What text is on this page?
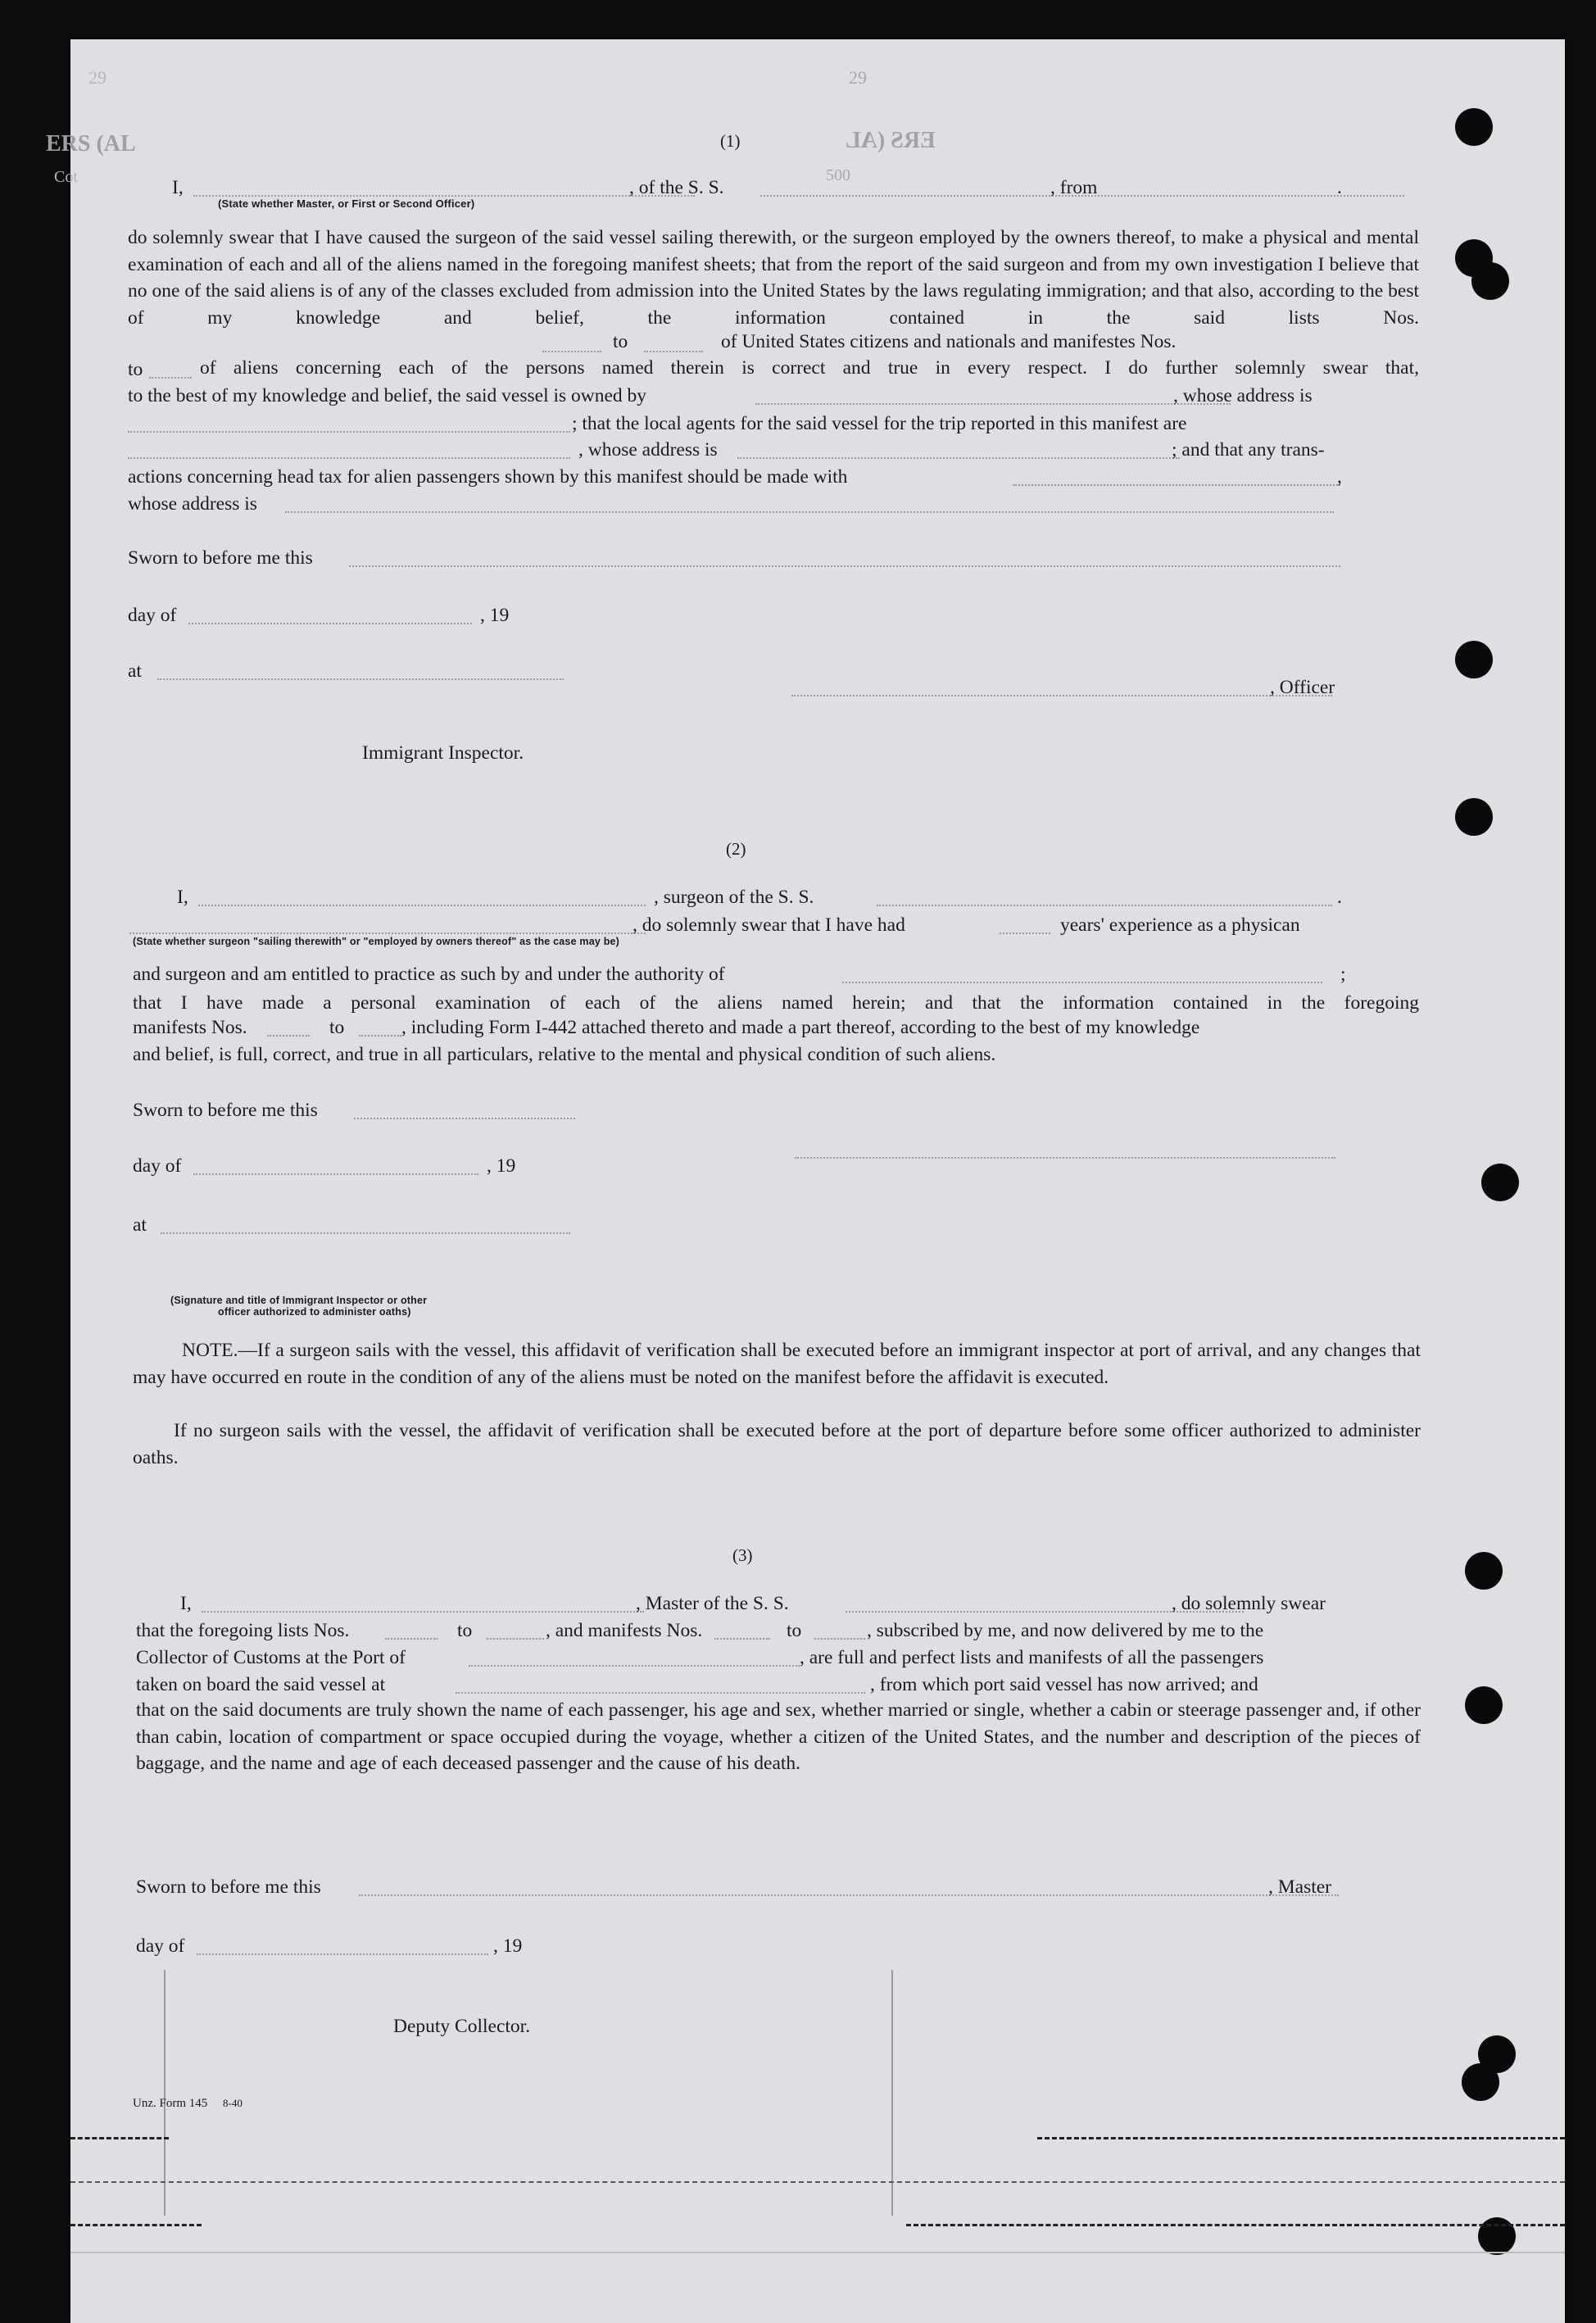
29	29
ERS (AL	ERS (AL
Cot	500
(1)
I,	, of the S. S.	, from	.
(State whether Master, or First or Second Officer)
do solemnly swear that I have caused the surgeon of the said vessel sailing therewith, or the surgeon employed by the owners thereof, to make a physical and mental examination of each and all of the aliens named in the foregoing manifest sheets; that from the report of the said surgeon and from my own investigation I believe that no one of the said aliens is of any of the classes excluded from admission into the United States by the laws regulating immigration; and that also, according to the best of my knowledge and belief, the information contained in the said lists Nos.
to	of United States citizens and nationals and manifestes Nos.
to	of aliens concerning each of the persons named therein is correct and true in every respect. I do further solemnly swear that,
to the best of my knowledge and belief, the said vessel is owned by	, whose address is
; that the local agents for the said vessel for the trip reported in this manifest are
, whose address is	; and that any trans-
actions concerning head tax for alien passengers shown by this manifest should be made with	,
whose address is
Sworn to before me this
day of	, 19
at
, Officer
Immigrant Inspector.
(2)
I,	, surgeon of the S. S.	.
, do solemnly swear that I have had	years' experience as a physican
(State whether surgeon "sailing therewith" or "employed by owners thereof" as the case may be)
and surgeon and am entitled to practice as such by and under the authority of	;
that I have made a personal examination of each of the aliens named herein; and that the information contained in the foregoing
manifests Nos.	to	, including Form I-442 attached thereto and made a part thereof, according to the best of my knowledge
and belief, is full, correct, and true in all particulars, relative to the mental and physical condition of such aliens.
Sworn to before me this
day of	, 19
at
(Signature and title of Immigrant Inspector or other
officer authorized to administer oaths)
NOTE.—If a surgeon sails with the vessel, this affidavit of verification shall be executed before an immigrant inspector at port of arrival, and any changes that may have occurred en route in the condition of any of the aliens must be noted on the manifest before the affidavit is executed.
If no surgeon sails with the vessel, the affidavit of verification shall be executed before at the port of departure before some officer authorized to administer oaths.
(3)
I,	, Master of the S. S.	, do solemnly swear
that the foregoing lists Nos.	to	, and manifests Nos.	to	, subscribed by me, and now delivered by me to the
Collector of Customs at the Port of	, are full and perfect lists and manifests of all the passengers
taken on board the said vessel at	, from which port said vessel has now arrived; and
that on the said documents are truly shown the name of each passenger, his age and sex, whether married or single, whether a cabin or steerage passenger and, if other than cabin, location of compartment or space occupied during the voyage, whether a citizen of the United States, and the number and description of the pieces of baggage, and the name and age of each deceased passenger and the cause of his death.
Sworn to before me this	, Master
day of	, 19
Deputy Collector.
Unz. Form 145 8-40
